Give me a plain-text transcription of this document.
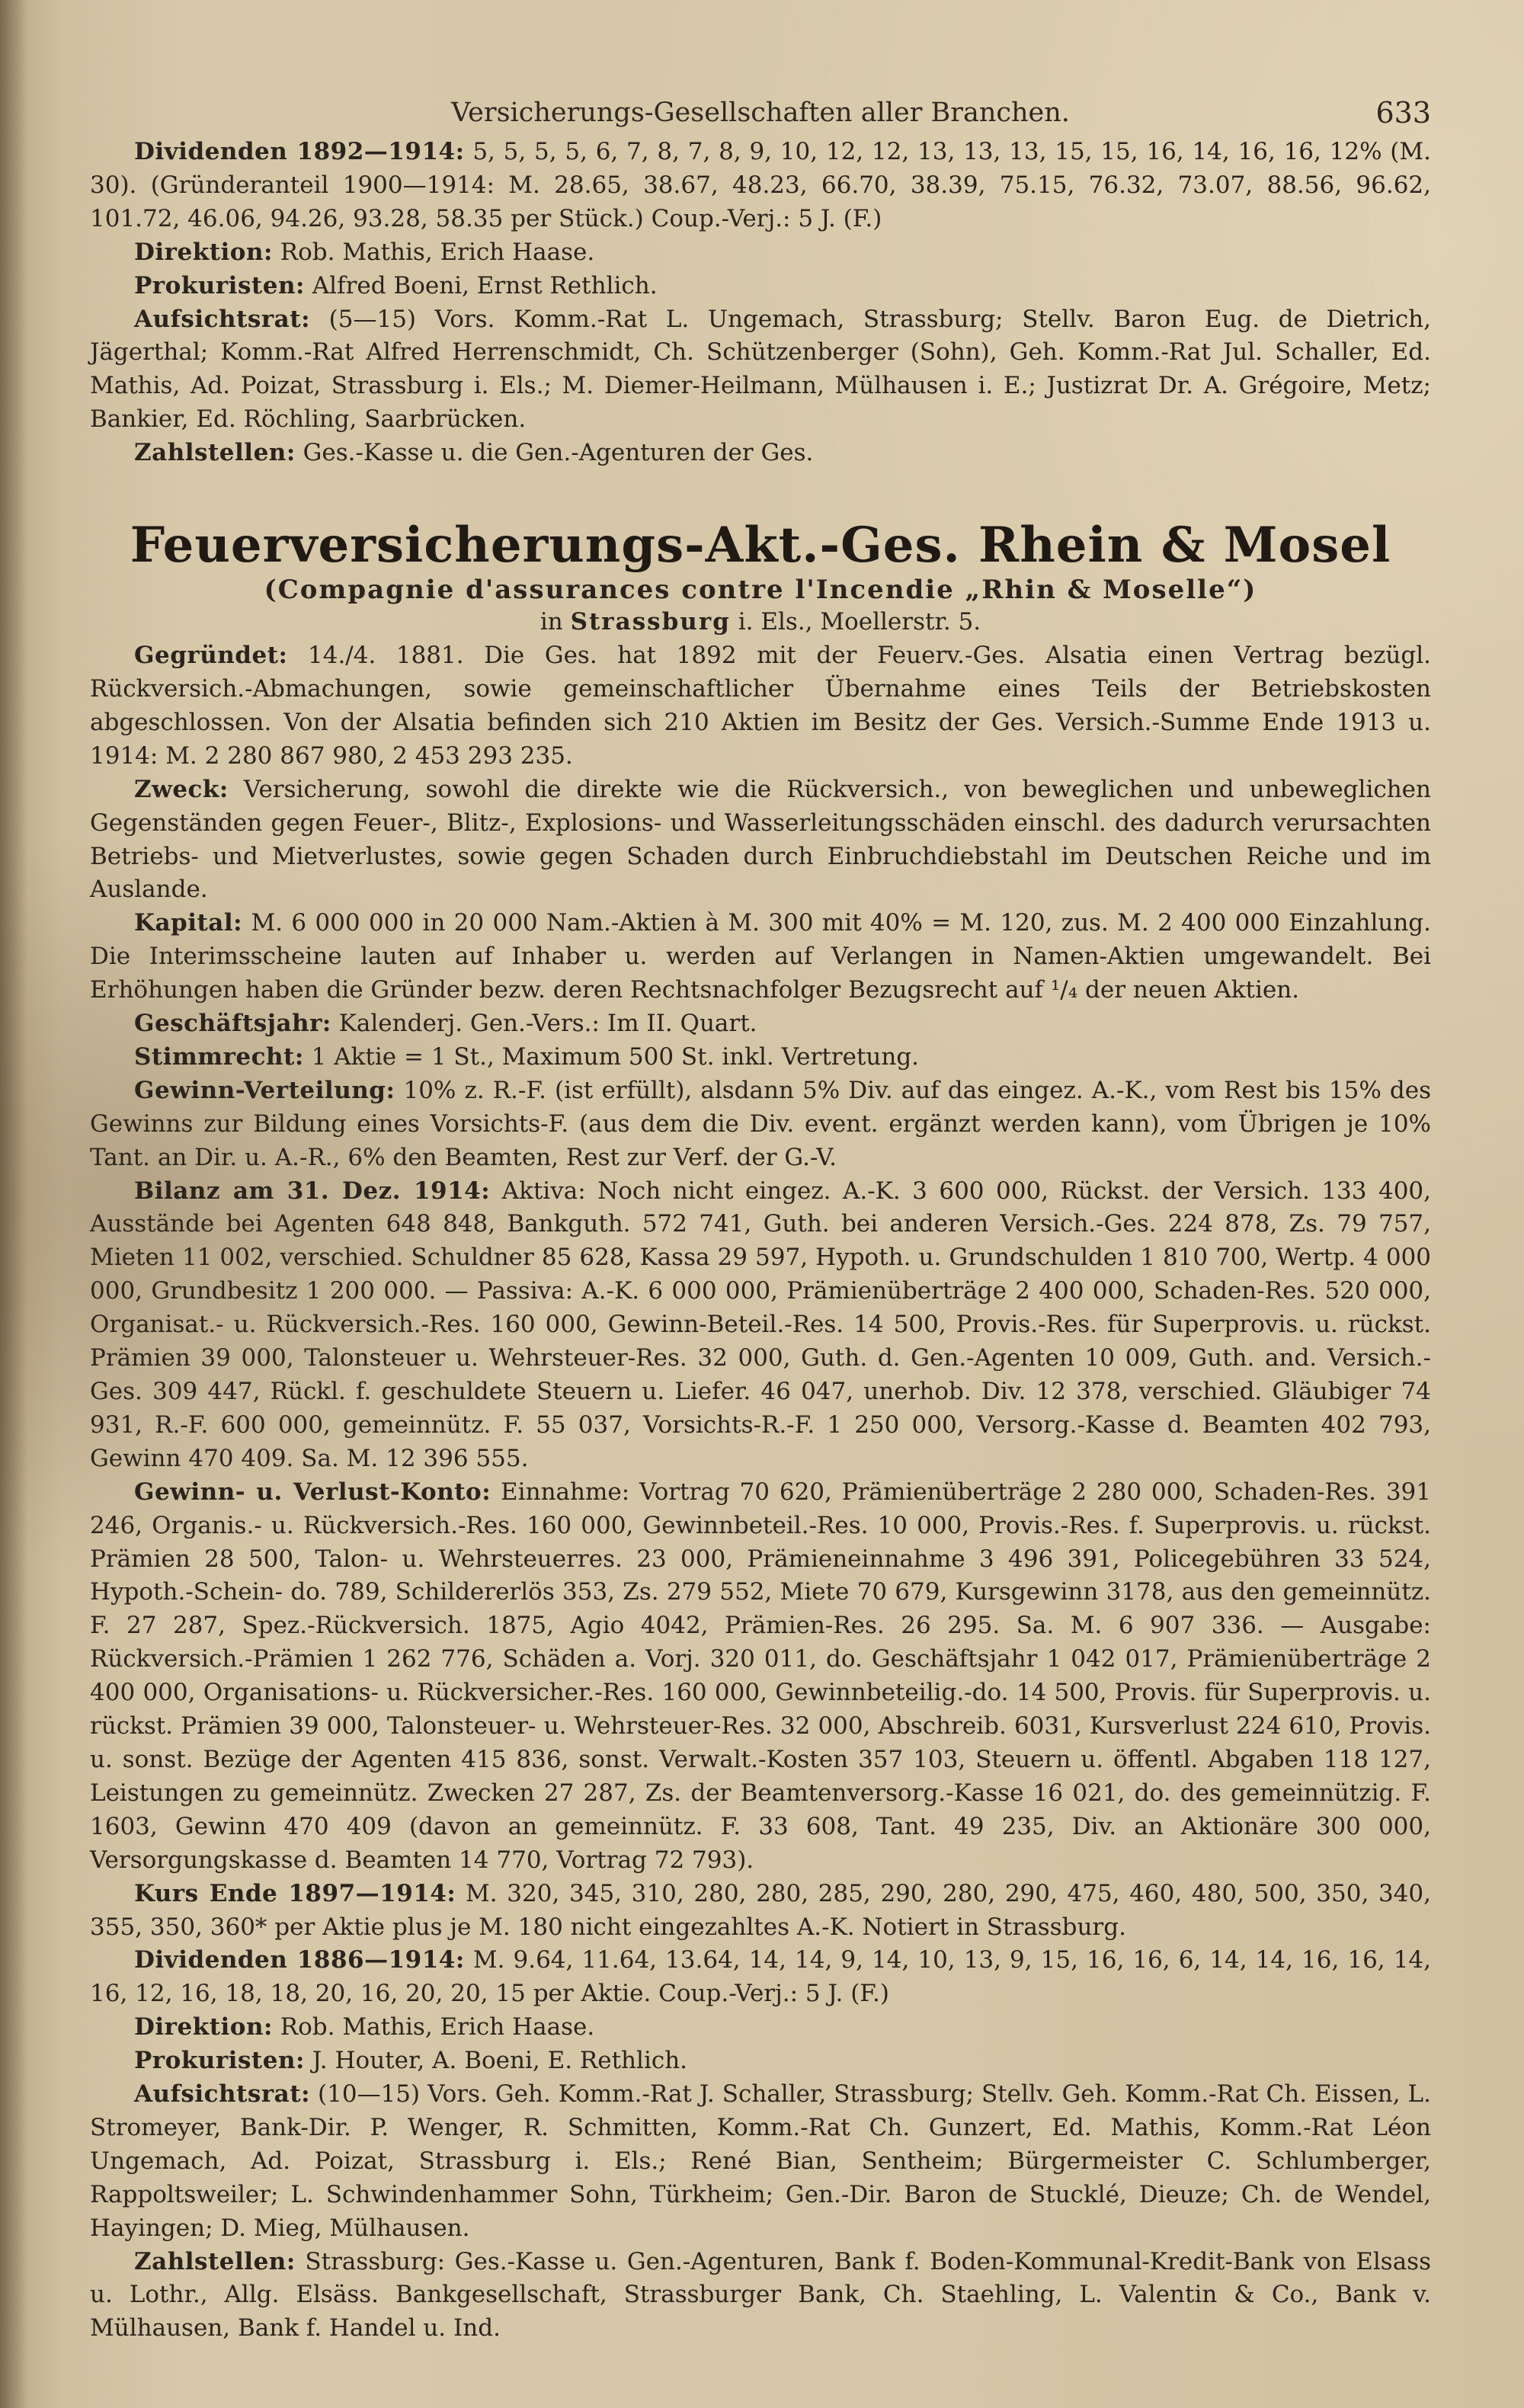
Versicherungs-Gesellschaften aller Branchen.	633

Dividenden 1892—1914: 5, 5, 5, 5, 6, 7, 8, 7, 8, 9, 10, 12, 12, 13, 13, 13, 15, 15, 16, 14, 16, 16, 12% (M. 30). (Gründeranteil 1900—1914: M. 28.65, 38.67, 48.23, 66.70, 38.39, 75.15, 76.32, 73.07, 88.56, 96.62, 101.72, 46.06, 94.26, 93.28, 58.35 per Stück.) Coup.-Verj.: 5 J. (F.)

Direktion: Rob. Mathis, Erich Haase.

Prokuristen: Alfred Boeni, Ernst Rethlich.

Aufsichtsrat: (5—15) Vors. Komm.-Rat L. Ungemach, Strassburg; Stellv. Baron Eug. de Dietrich, Jägerthal; Komm.-Rat Alfred Herrenschmidt, Ch. Schützenberger (Sohn), Geh. Komm.-Rat Jul. Schaller, Ed. Mathis, Ad. Poizat, Strassburg i. Els.; M. Diemer-Heilmann, Mülhausen i. E.; Justizrat Dr. A. Grégoire, Metz; Bankier, Ed. Röchling, Saarbrücken.

Zahlstellen: Ges.-Kasse u. die Gen.-Agenturen der Ges.

Feuerversicherungs-Akt.-Ges. Rhein & Mosel

(Compagnie d'assurances contre l'Incendie „Rhin & Moselle“)

in Strassburg i. Els., Moellerstr. 5.

Gegründet: 14./4. 1881. Die Ges. hat 1892 mit der Feuerv.-Ges. Alsatia einen Vertrag bezügl. Rückversich.-Abmachungen, sowie gemeinschaftlicher Übernahme eines Teils der Betriebskosten abgeschlossen. Von der Alsatia befinden sich 210 Aktien im Besitz der Ges. Versich.-Summe Ende 1913 u. 1914: M. 2 280 867 980, 2 453 293 235.

Zweck: Versicherung, sowohl die direkte wie die Rückversich., von beweglichen und unbeweglichen Gegenständen gegen Feuer-, Blitz-, Explosions- und Wasserleitungsschäden einschl. des dadurch verursachten Betriebs- und Mietverlustes, sowie gegen Schaden durch Einbruchdiebstahl im Deutschen Reiche und im Auslande.

Kapital: M. 6 000 000 in 20 000 Nam.-Aktien à M. 300 mit 40% = M. 120, zus. M. 2 400 000 Einzahlung. Die Interimsscheine lauten auf Inhaber u. werden auf Verlangen in Namen-Aktien umgewandelt. Bei Erhöhungen haben die Gründer bezw. deren Rechtsnachfolger Bezugsrecht auf ¹/₄ der neuen Aktien.

Geschäftsjahr: Kalenderj. Gen.-Vers.: Im II. Quart.

Stimmrecht: 1 Aktie = 1 St., Maximum 500 St. inkl. Vertretung.

Gewinn-Verteilung: 10% z. R.-F. (ist erfüllt), alsdann 5% Div. auf das eingez. A.-K., vom Rest bis 15% des Gewinns zur Bildung eines Vorsichts-F. (aus dem die Div. event. ergänzt werden kann), vom Übrigen je 10% Tant. an Dir. u. A.-R., 6% den Beamten, Rest zur Verf. der G.-V.

Bilanz am 31. Dez. 1914: Aktiva: Noch nicht eingez. A.-K. 3 600 000, Rückst. der Versich. 133 400, Ausstände bei Agenten 648 848, Bankguth. 572 741, Guth. bei anderen Versich.-Ges. 224 878, Zs. 79 757, Mieten 11 002, verschied. Schuldner 85 628, Kassa 29 597, Hypoth. u. Grundschulden 1 810 700, Wertp. 4 000 000, Grundbesitz 1 200 000. — Passiva: A.-K. 6 000 000, Prämienüberträge 2 400 000, Schaden-Res. 520 000, Organisat.- u. Rückversich.-Res. 160 000, Gewinn-Beteil.-Res. 14 500, Provis.-Res. für Superprovis. u. rückst. Prämien 39 000, Talonsteuer u. Wehrsteuer-Res. 32 000, Guth. d. Gen.-Agenten 10 009, Guth. and. Versich.-Ges. 309 447, Rückl. f. geschuldete Steuern u. Liefer. 46 047, unerhob. Div. 12 378, verschied. Gläubiger 74 931, R.-F. 600 000, gemeinnütz. F. 55 037, Vorsichts-R.-F. 1 250 000, Versorg.-Kasse d. Beamten 402 793, Gewinn 470 409. Sa. M. 12 396 555.

Gewinn- u. Verlust-Konto: Einnahme: Vortrag 70 620, Prämienüberträge 2 280 000, Schaden-Res. 391 246, Organis.- u. Rückversich.-Res. 160 000, Gewinnbeteil.-Res. 10 000, Provis.-Res. f. Superprovis. u. rückst. Prämien 28 500, Talon- u. Wehrsteuerres. 23 000, Prämieneinnahme 3 496 391, Policegebühren 33 524, Hypoth.-Schein- do. 789, Schildererlös 353, Zs. 279 552, Miete 70 679, Kursgewinn 3178, aus den gemeinnütz. F. 27 287, Spez.-Rückversich. 1875, Agio 4042, Prämien-Res. 26 295. Sa. M. 6 907 336. — Ausgabe: Rückversich.-Prämien 1 262 776, Schäden a. Vorj. 320 011, do. Geschäftsjahr 1 042 017, Prämienüberträge 2 400 000, Organisations- u. Rückversicher.-Res. 160 000, Gewinnbeteilig.-do. 14 500, Provis. für Superprovis. u. rückst. Prämien 39 000, Talonsteuer- u. Wehrsteuer-Res. 32 000, Abschreib. 6031, Kursverlust 224 610, Provis. u. sonst. Bezüge der Agenten 415 836, sonst. Verwalt.-Kosten 357 103, Steuern u. öffentl. Abgaben 118 127, Leistungen zu gemeinnütz. Zwecken 27 287, Zs. der Beamtenversorg.-Kasse 16 021, do. des gemeinnützig. F. 1603, Gewinn 470 409 (davon an gemeinnütz. F. 33 608, Tant. 49 235, Div. an Aktionäre 300 000, Versorgungskasse d. Beamten 14 770, Vortrag 72 793).

Kurs Ende 1897—1914: M. 320, 345, 310, 280, 280, 285, 290, 280, 290, 475, 460, 480, 500, 350, 340, 355, 350, 360* per Aktie plus je M. 180 nicht eingezahltes A.-K. Notiert in Strassburg.

Dividenden 1886—1914: M. 9.64, 11.64, 13.64, 14, 14, 9, 14, 10, 13, 9, 15, 16, 16, 6, 14, 14, 16, 16, 14, 16, 12, 16, 18, 18, 20, 16, 20, 20, 15 per Aktie. Coup.-Verj.: 5 J. (F.)

Direktion: Rob. Mathis, Erich Haase.

Prokuristen: J. Houter, A. Boeni, E. Rethlich.

Aufsichtsrat: (10—15) Vors. Geh. Komm.-Rat J. Schaller, Strassburg; Stellv. Geh. Komm.-Rat Ch. Eissen, L. Stromeyer, Bank-Dir. P. Wenger, R. Schmitten, Komm.-Rat Ch. Gunzert, Ed. Mathis, Komm.-Rat Léon Ungemach, Ad. Poizat, Strassburg i. Els.; René Bian, Sentheim; Bürgermeister C. Schlumberger, Rappoltsweiler; L. Schwindenhammer Sohn, Türkheim; Gen.-Dir. Baron de Stucklé, Dieuze; Ch. de Wendel, Hayingen; D. Mieg, Mülhausen.

Zahlstellen: Strassburg: Ges.-Kasse u. Gen.-Agenturen, Bank f. Boden-Kommunal-Kredit-Bank von Elsass u. Lothr., Allg. Elsäss. Bankgesellschaft, Strassburger Bank, Ch. Staehling, L. Valentin & Co., Bank v. Mülhausen, Bank f. Handel u. Ind.
